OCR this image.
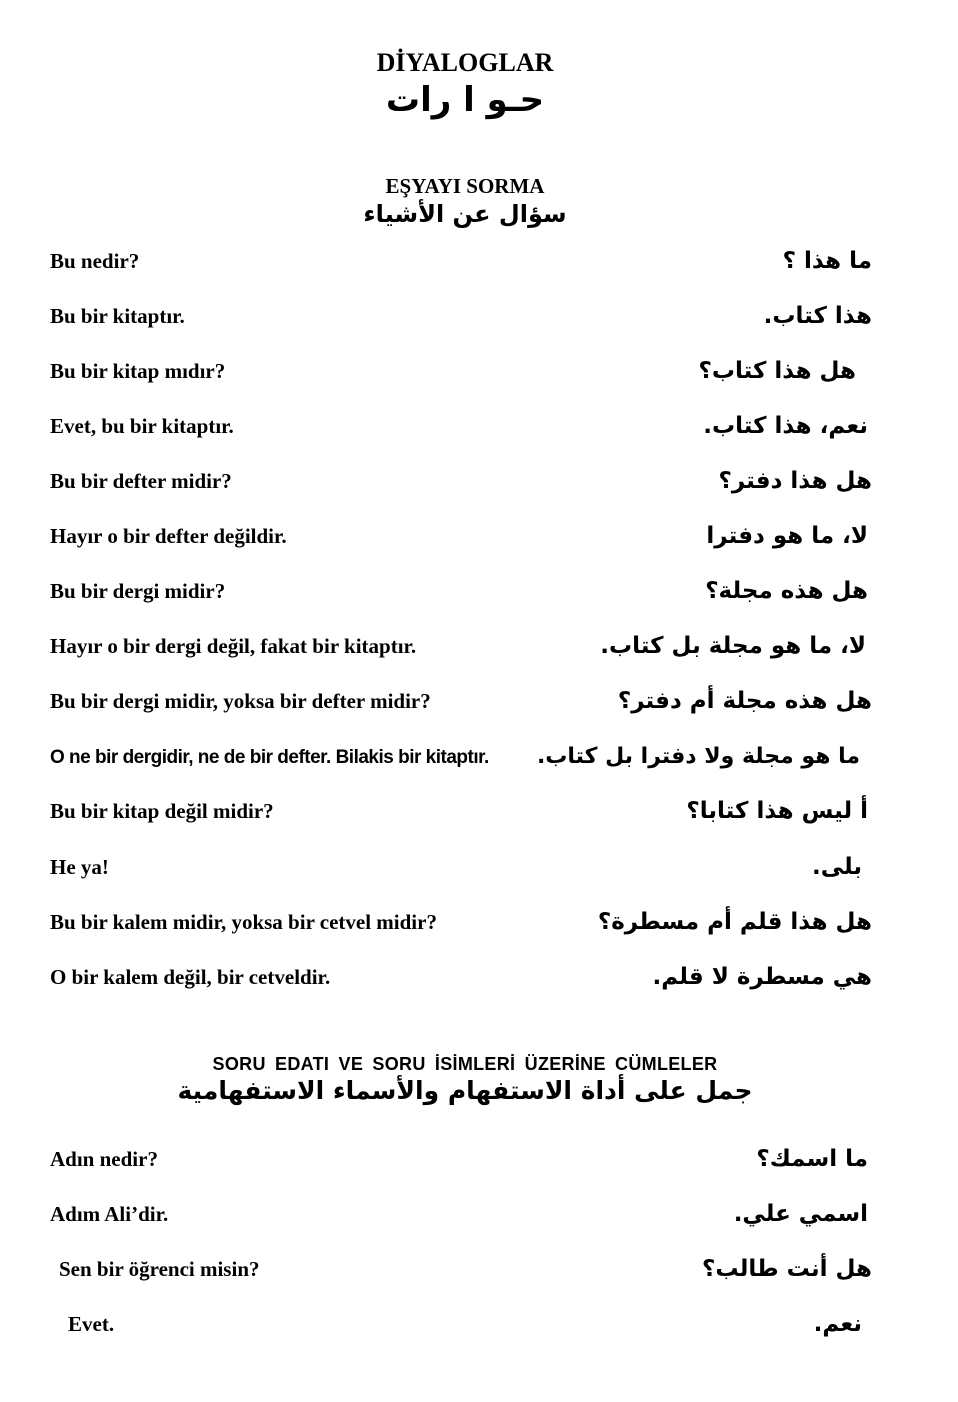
DİYALOGLAR
حـو ا رات
EŞYAYI SORMA
سؤال عن الأشياء
Bu nedir?	ما هذا ؟
Bu bir kitaptır.	هذا كتاب.
Bu bir kitap mıdır?	هل هذا كتاب؟
Evet, bu bir kitaptır.	نعم، هذا كتاب.
Bu bir defter midir?	هل هذا دفتر؟
Hayır o bir defter değildir.	لا، ما هو دفترا
Bu bir dergi midir?	هل هذه مجلة؟
Hayır o bir dergi değil, fakat bir kitaptır.	لا، ما هو مجلة بل كتاب.
Bu bir dergi midir, yoksa bir defter midir?	هل هذه مجلة أم دفتر؟
O ne bir dergidir, ne de bir defter. Bilakis bir kitaptır. ما هو مجلة ولا دفترا بل كتاب.
Bu bir kitap değil midir?	أ ليس هذا كتابا؟
He ya!	بلى.
Bu bir kalem midir, yoksa bir cetvel midir?	هل هذا قلم أم مسطرة؟
O bir kalem değil, bir cetveldir.	هي مسطرة لا قلم.
SORU EDATI VE SORU İSİMLERİ ÜZERİNE CÜMLELER
جمل على أداة الاستفهام والأسماء الاستفهامية
Adın nedir?	ما اسمك؟
Adım Ali’dir.	اسمي علي.
Sen bir öğrenci misin?	هل أنت طالب؟
Evet.	نعم.
